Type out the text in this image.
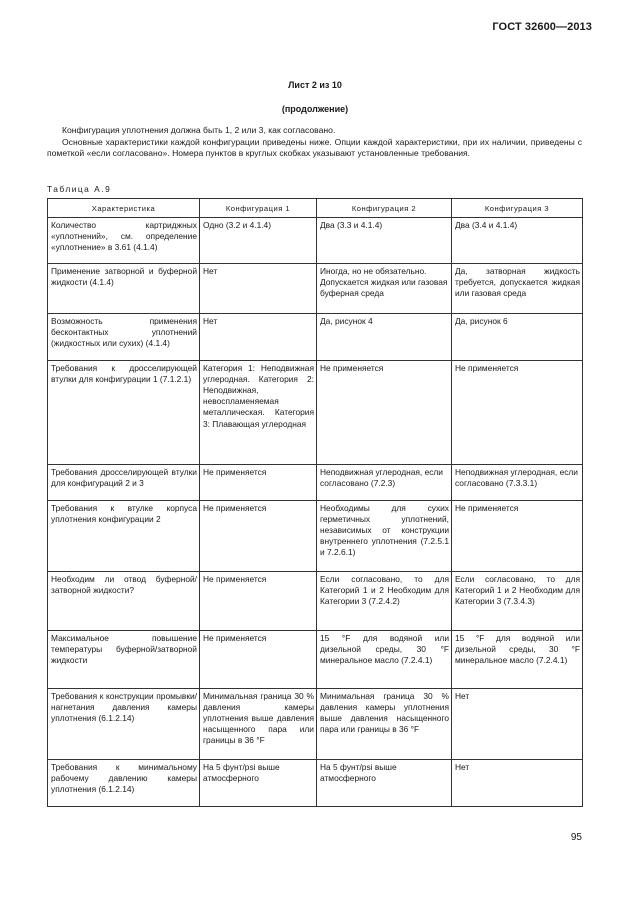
ГОСТ 32600—2013
Лист 2 из 10
(продолжение)
Конфигурация уплотнения должна быть 1, 2 или 3, как согласовано.
Основные характеристики каждой конфигурации приведены ниже. Опции каждой характеристики, при их наличии, приведены с пометкой «если согласовано». Номера пунктов в круглых скобках указывают установленные требования.
Таблица А.9
Характеристика	Конфигурация 1	Конфигурация 2	Конфигурация 3
Количество картриджных «уплотнений», см. определение «уплотнение» в 3.61 (4.1.4)	Одно (3.2 и 4.1.4)	Два (3.3 и 4.1.4)	Два (3.4 и 4.1.4)
Применение затворной и буферной жидкости (4.1.4)	Нет	Иногда, но не обязательно. Допускается жидкая или газовая буферная среда	Да, затворная жидкость требуется, допускается жидкая или газовая среда
Возможность применения бесконтактных уплотнений (жидкостных или сухих) (4.1.4)	Нет	Да, рисунок 4	Да, рисунок 6
Требования к дросселирующей втулки для конфигурации 1 (7.1.2.1)	Категория 1: Неподвижная углеродная. Категория 2: Неподвижная, невоспламеняемая металлическая. Категория 3: Плавающая углеродная	Не применяется	Не применяется
Требования дросселирующей втулки для конфигураций 2 и 3	Не применяется	Неподвижная углеродная, если согласовано (7.2.3)	Неподвижная углеродная, если согласовано (7.3.3.1)
Требования к втулке корпуса уплотнения конфигурации 2	Не применяется	Необходимы для сухих герметичных уплотнений, независимых от конструкции внутреннего уплотнения (7.2.5.1 и 7.2.6.1)	Не применяется
Необходим ли отвод буферной/затворной жидкости?	Не применяется	Если согласовано, то для Категорий 1 и 2 Необходим для Категории 3 (7.2.4.2)	Если согласовано, то для Категорий 1 и 2 Необходим для Категории 3 (7.3.4.3)
Максимальное повышение температуры буферной/затворной жидкости	Не применяется	15 °F для водяной или дизельной среды, 30 °F минеральное масло (7.2.4.1)	15 °F для водяной или дизельной среды, 30 °F минеральное масло (7.2.4.1)
Требования к конструкции промывки/нагнетания давления камеры уплотнения (6.1.2.14)	Минимальная граница 30 % давления камеры уплотнения выше давления насыщенного пара или границы в 36 °F	Минимальная граница 30 % давления камеры уплотнения выше давления насыщенного пара или границы в 36 °F	Нет
Требования к минимальному рабочему давлению камеры уплотнения (6.1.2.14)	На 5 фунт/psi выше атмосферного	На 5 фунт/psi выше атмосферного	Нет
95
